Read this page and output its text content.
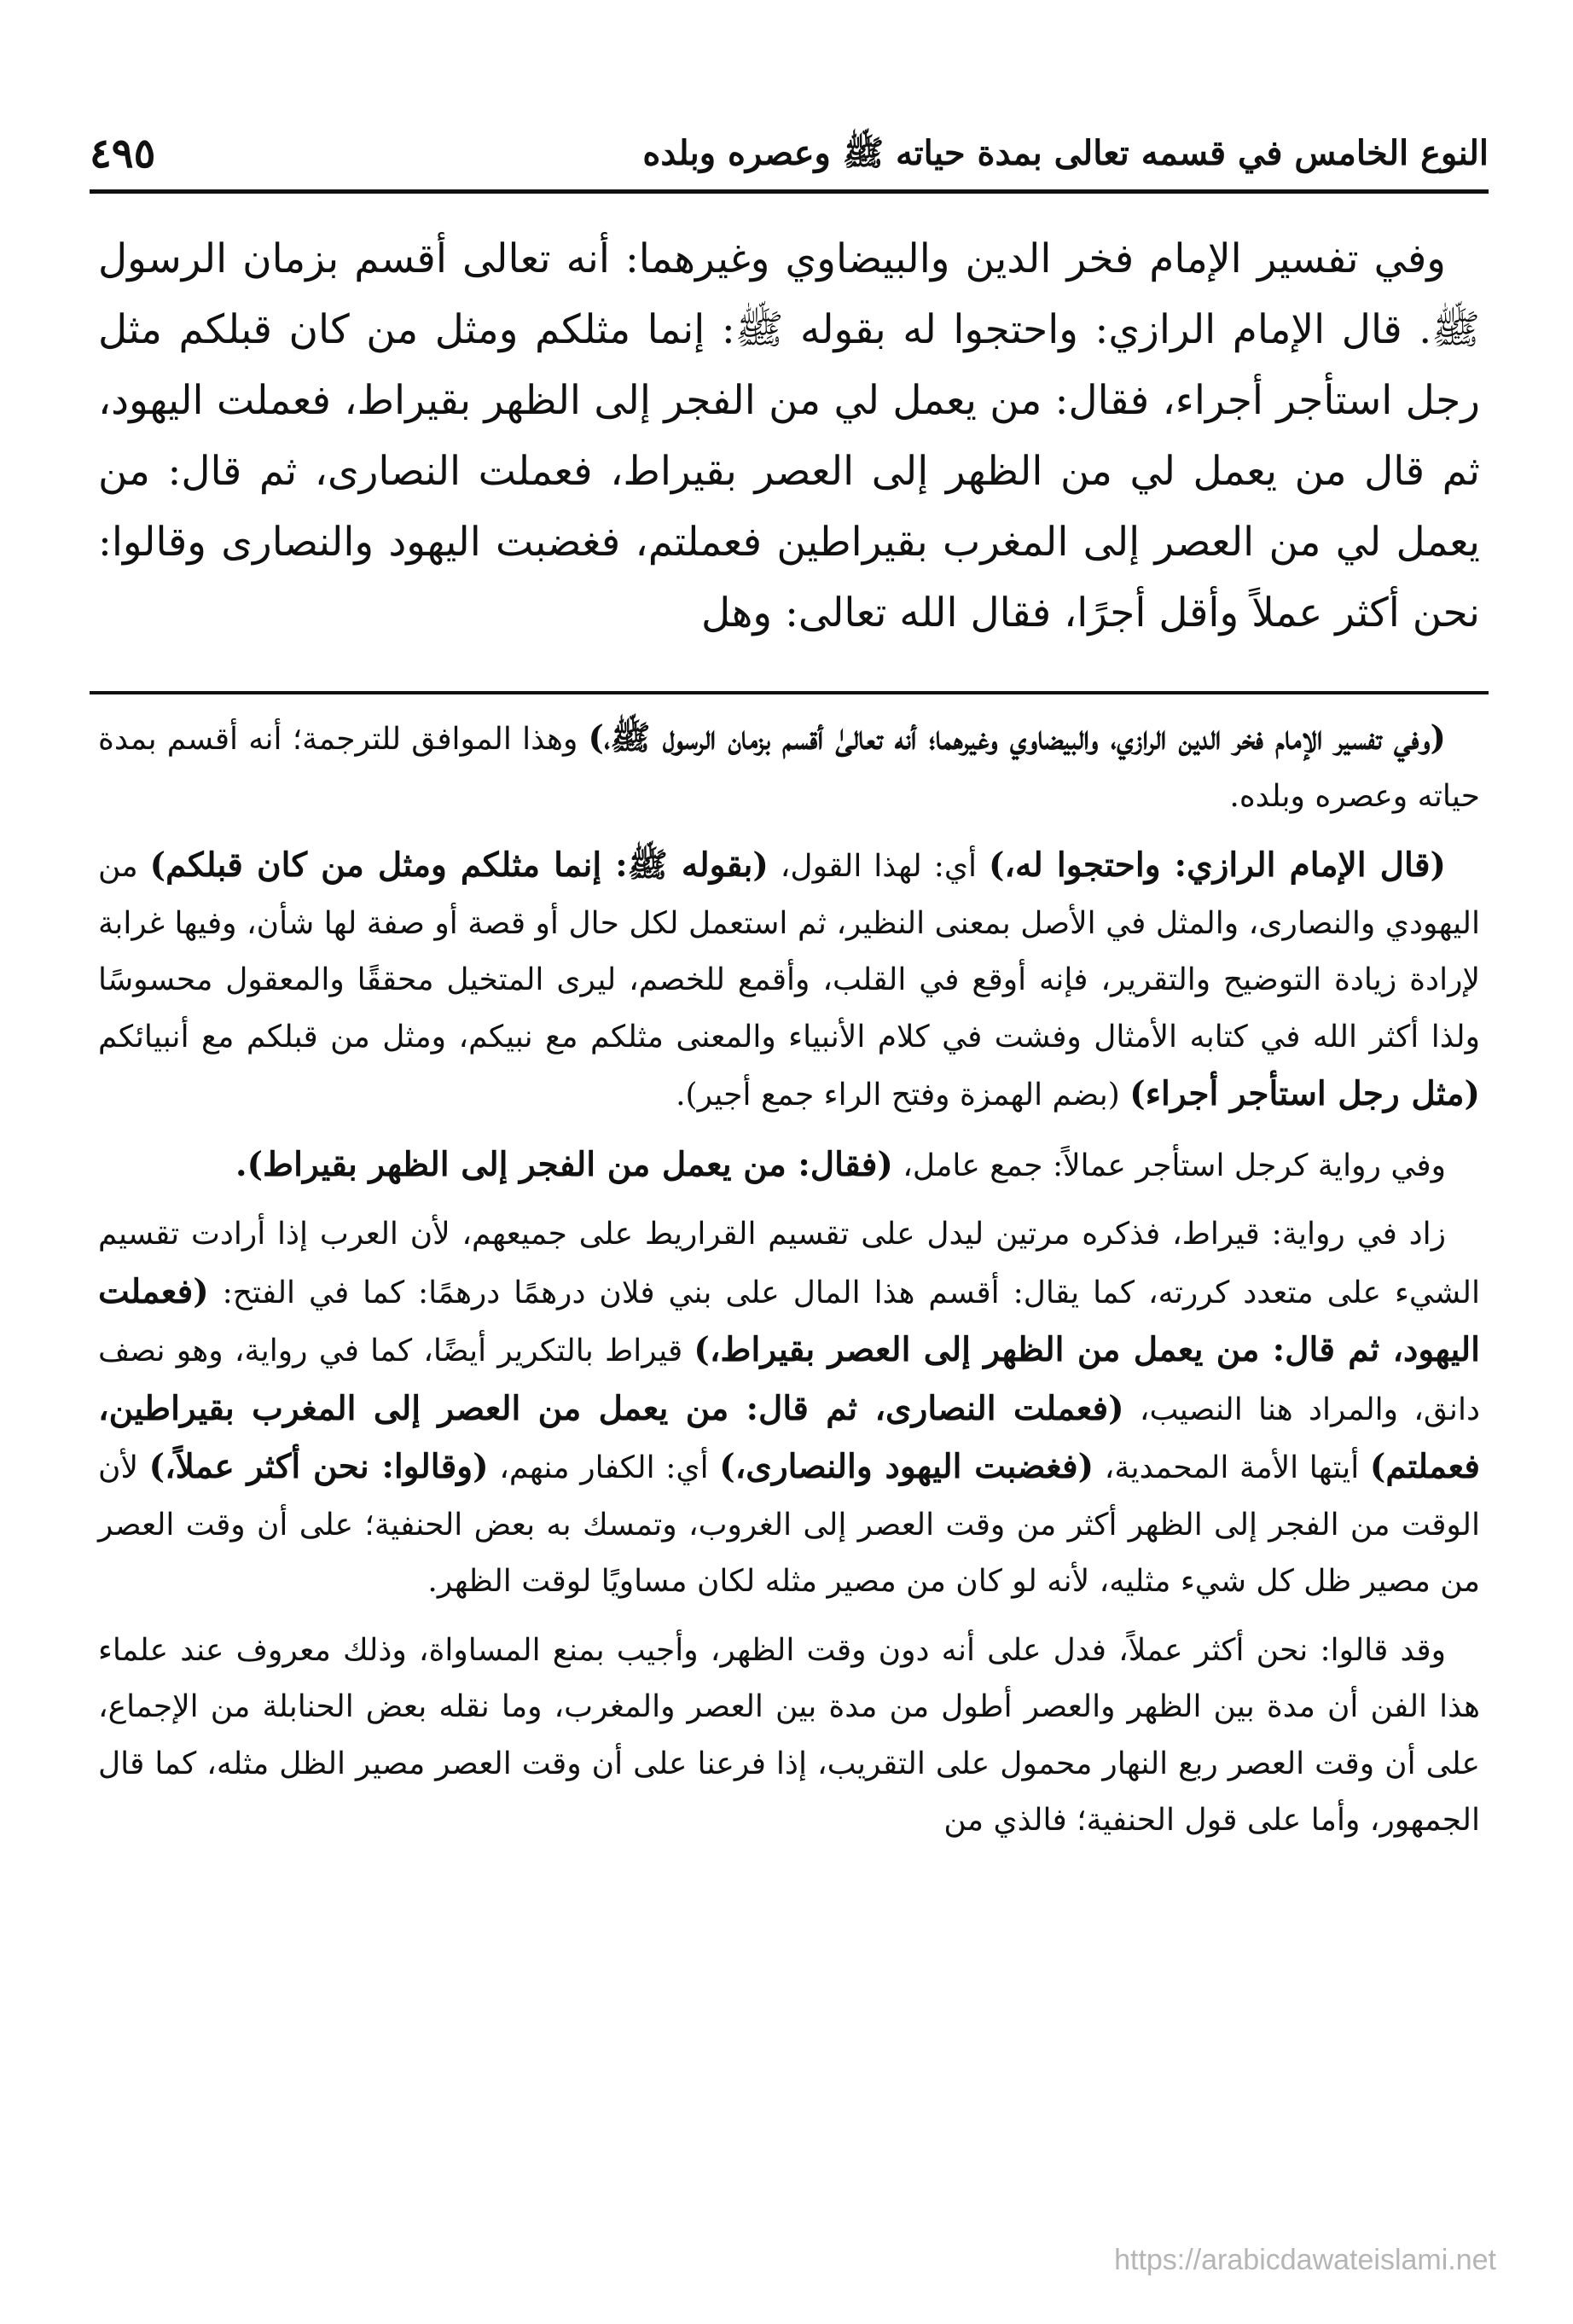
النوع الخامس في قسمه تعالى بمدة حياته ﷺ وعصره وبلده
٤٩٥

وفي تفسير الإمام فخر الدين والبيضاوي وغيرهما: أنه تعالى أقسم بزمان الرسول ﷺ. قال الإمام الرازي: واحتجوا له بقوله ﷺ: إنما مثلكم ومثل من كان قبلكم مثل رجل استأجر أجراء، فقال: من يعمل لي من الفجر إلى الظهر بقيراط، فعملت اليهود، ثم قال من يعمل لي من الظهر إلى العصر بقيراط، فعملت النصارى، ثم قال: من يعمل لي من العصر إلى المغرب بقيراطين فعملتم، فغضبت اليهود والنصارى وقالوا: نحن أكثر عملاً وأقل أجرًا، فقال الله تعالى: وهل

(وفي تفسير الإمام فخر الدين الرازي، والبيضاوي وغيرهما؛ أنه تعالىٰ أقسم بزمان الرسول ﷺ،) وهذا الموافق للترجمة؛ أنه أقسم بمدة حياته وعصره وبلده.

(قال الإمام الرازي: واحتجوا له،) أي: لهذا القول، (بقوله ﷺ: إنما مثلكم ومثل من كان قبلكم) من اليهودي والنصارى، والمثل في الأصل بمعنى النظير، ثم استعمل لكل حال أو قصة أو صفة لها شأن، وفيها غرابة لإرادة زيادة التوضيح والتقرير، فإنه أوقع في القلب، وأقمع للخصم، ليرى المتخيل محققًا والمعقول محسوسًا ولذا أكثر الله في كتابه الأمثال وفشت في كلام الأنبياء والمعنى مثلكم مع نبيكم، ومثل من قبلكم مع أنبيائكم (مثل رجل استأجر أجراء) (بضم الهمزة وفتح الراء جمع أجير).

وفي رواية كرجل استأجر عمالاً: جمع عامل، (فقال: من يعمل من الفجر إلى الظهر بقيراط).

زاد في رواية: قيراط، فذكره مرتين ليدل على تقسيم القراريط على جميعهم، لأن العرب إذا أرادت تقسيم الشيء على متعدد كررته، كما يقال: أقسم هذا المال على بني فلان درهمًا درهمًا: كما في الفتح: (فعملت اليهود، ثم قال: من يعمل من الظهر إلى العصر بقيراط،) قيراط بالتكرير أيضًا، كما في رواية، وهو نصف دانق، والمراد هنا النصيب، (فعملت النصارى، ثم قال: من يعمل من العصر إلى المغرب بقيراطين، فعملتم) أيتها الأمة المحمدية، (فغضبت اليهود والنصارى،) أي: الكفار منهم، (وقالوا: نحن أكثر عملاً،) لأن الوقت من الفجر إلى الظهر أكثر من وقت العصر إلى الغروب، وتمسك به بعض الحنفية؛ على أن وقت العصر من مصير ظل كل شيء مثليه، لأنه لو كان من مصير مثله لكان مساويًا لوقت الظهر.

وقد قالوا: نحن أكثر عملاً، فدل على أنه دون وقت الظهر، وأجيب بمنع المساواة، وذلك معروف عند علماء هذا الفن أن مدة بين الظهر والعصر أطول من مدة بين العصر والمغرب، وما نقله بعض الحنابلة من الإجماع، على أن وقت العصر ربع النهار محمول على التقريب، إذا فرعنا على أن وقت العصر مصير الظل مثله، كما قال الجمهور، وأما على قول الحنفية؛ فالذي من

https://arabicdawateislami.net
